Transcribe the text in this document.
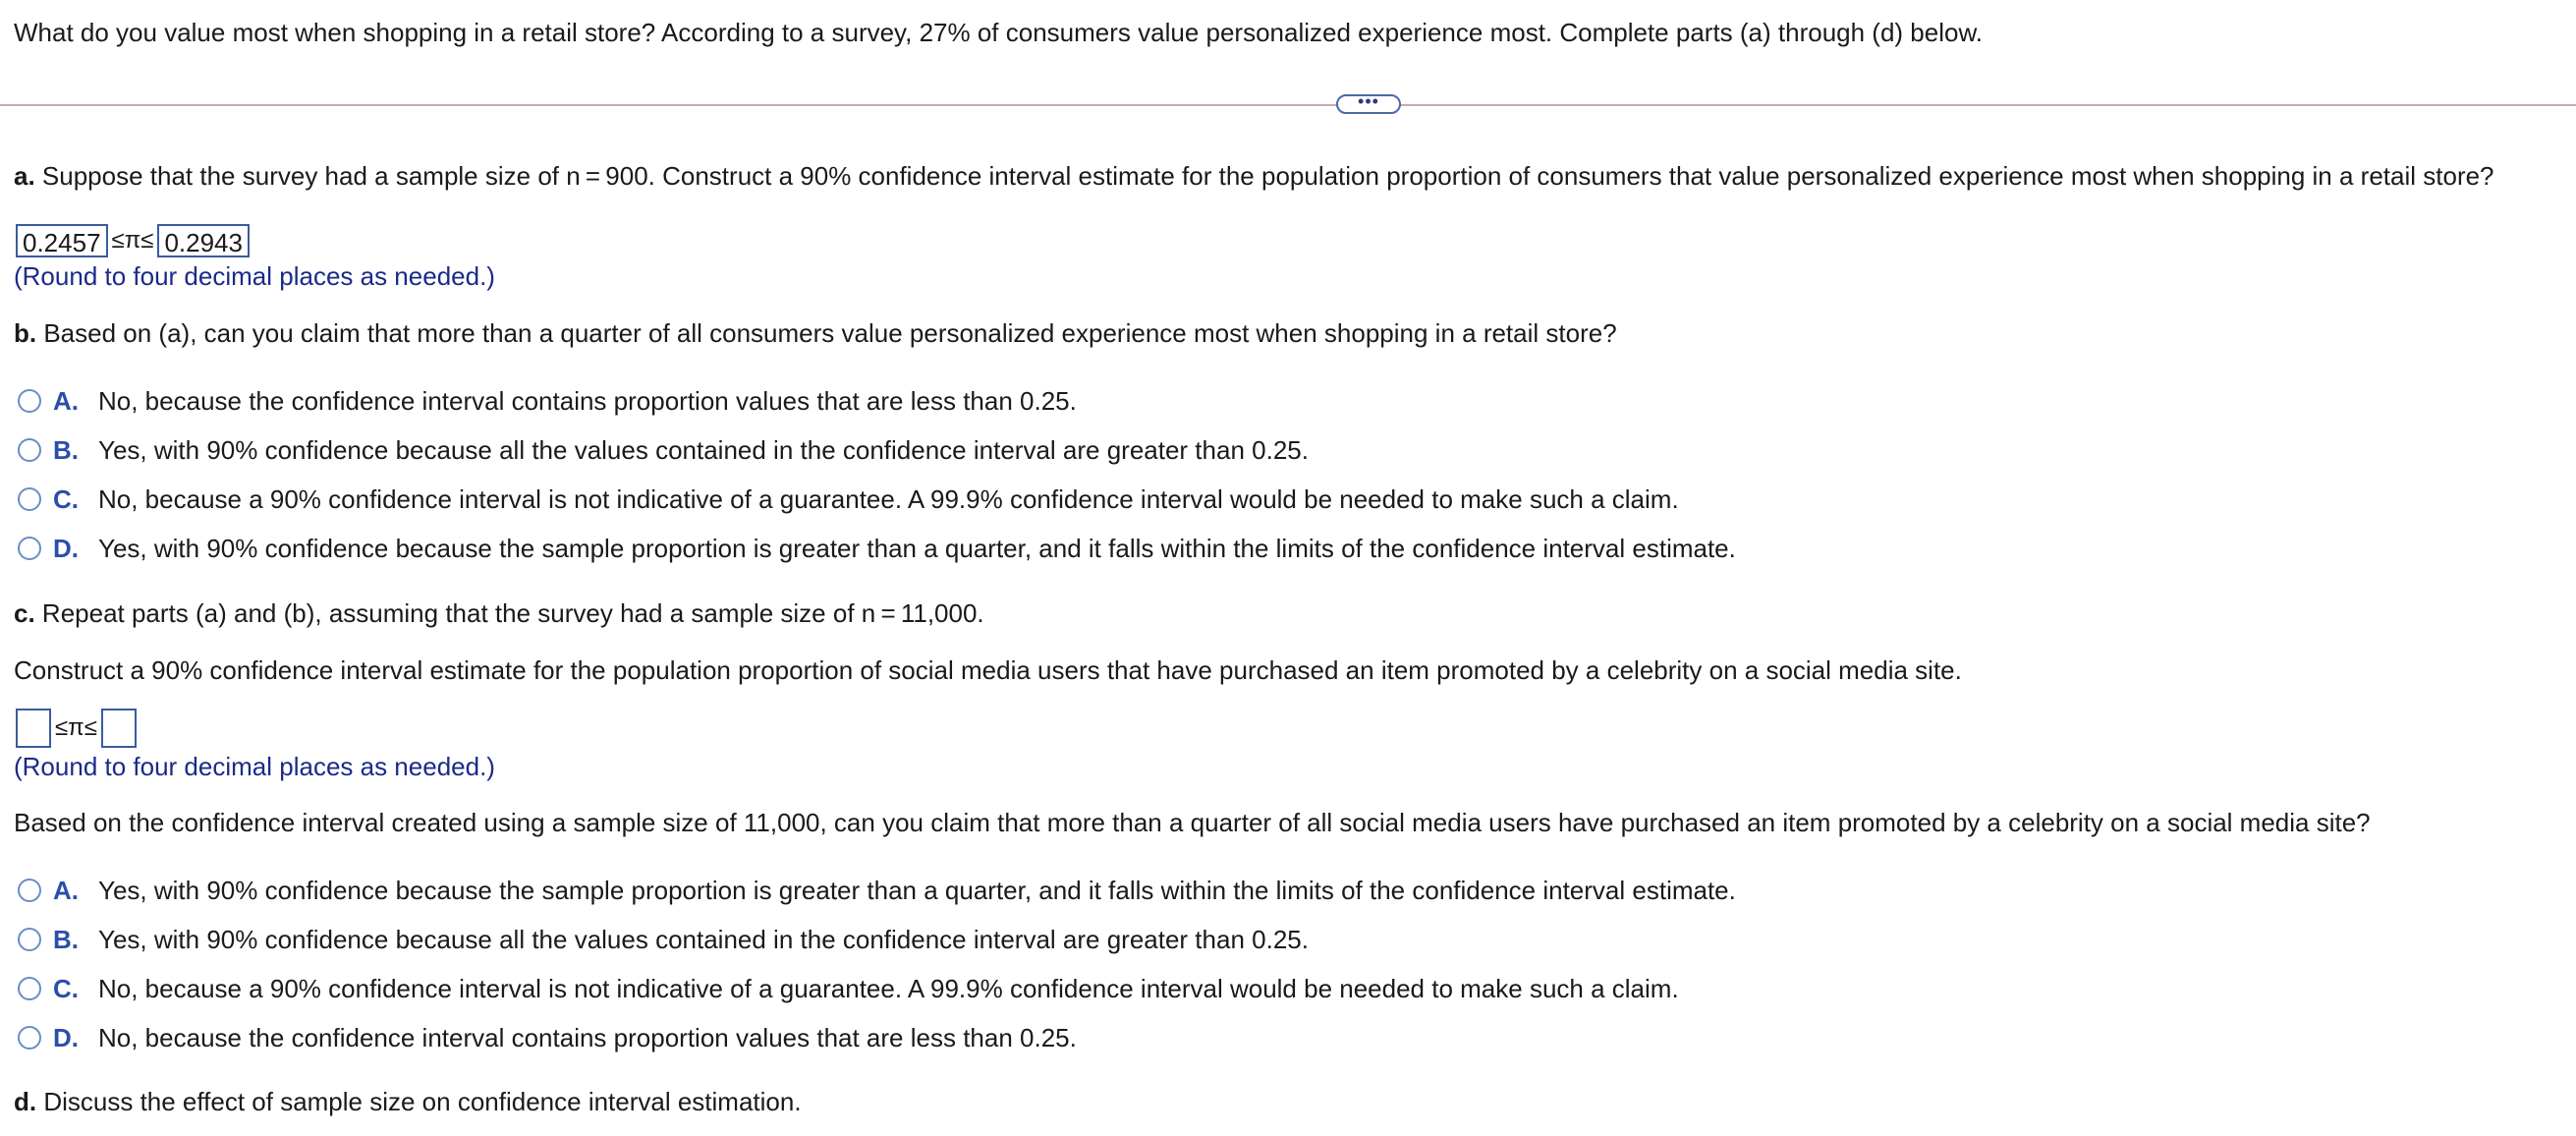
What do you value most when shopping in a retail store? According to a survey, 27% of consumers value personalized experience most. Complete parts (a) through (d) below.
•••
a. Suppose that the survey had a sample size of n = 900. Construct a 90% confidence interval estimate for the population proportion of consumers that value personalized experience most when shopping in a retail store?
0.2457 ≤π≤ 0.2943
(Round to four decimal places as needed.)
b. Based on (a), can you claim that more than a quarter of all consumers value personalized experience most when shopping in a retail store?
A. No, because the confidence interval contains proportion values that are less than 0.25.
B. Yes, with 90% confidence because all the values contained in the confidence interval are greater than 0.25.
C. No, because a 90% confidence interval is not indicative of a guarantee. A 99.9% confidence interval would be needed to make such a claim.
D. Yes, with 90% confidence because the sample proportion is greater than a quarter, and it falls within the limits of the confidence interval estimate.
c. Repeat parts (a) and (b), assuming that the survey had a sample size of n = 11,000.
Construct a 90% confidence interval estimate for the population proportion of social media users that have purchased an item promoted by a celebrity on a social media site.
≤π≤
(Round to four decimal places as needed.)
Based on the confidence interval created using a sample size of 11,000, can you claim that more than a quarter of all social media users have purchased an item promoted by a celebrity on a social media site?
A. Yes, with 90% confidence because the sample proportion is greater than a quarter, and it falls within the limits of the confidence interval estimate.
B. Yes, with 90% confidence because all the values contained in the confidence interval are greater than 0.25.
C. No, because a 90% confidence interval is not indicative of a guarantee. A 99.9% confidence interval would be needed to make such a claim.
D. No, because the confidence interval contains proportion values that are less than 0.25.
d. Discuss the effect of sample size on confidence interval estimation.
